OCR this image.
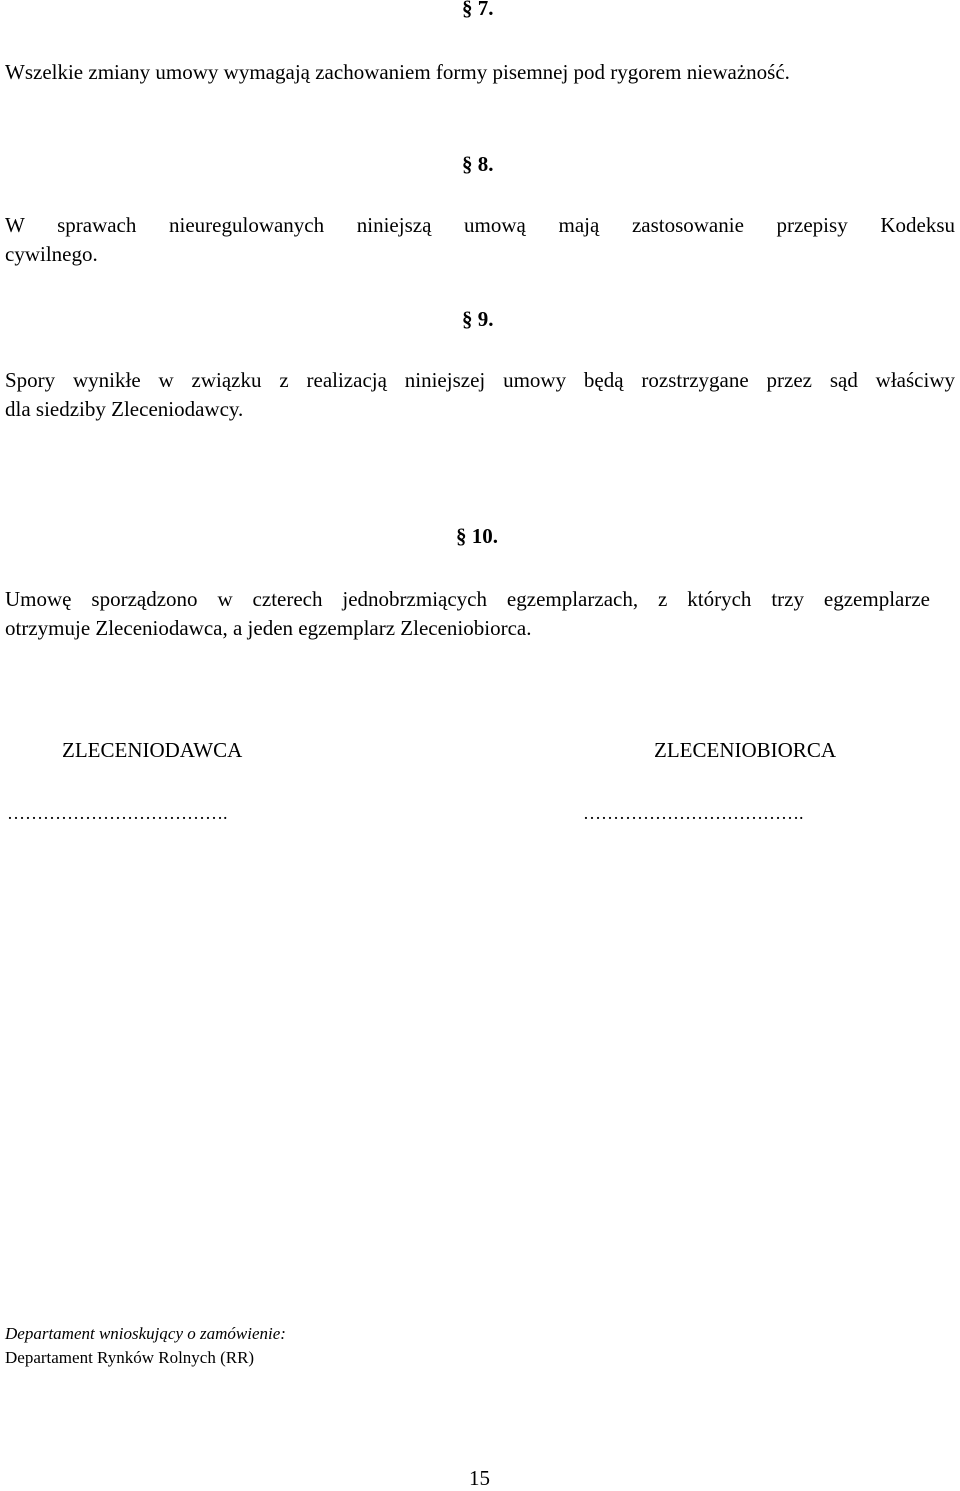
§ 7.
Wszelkie zmiany umowy wymagają zachowaniem formy pisemnej pod rygorem nieważność.
§ 8.
W sprawach nieuregulowanych niniejszą umową mają zastosowanie przepisy Kodeksu
cywilnego.
§ 9.
Spory wynikłe w związku z realizacją niniejszej umowy będą rozstrzygane przez sąd właściwy
dla siedziby Zleceniodawcy.
§ 10.
Umowę sporządzono w czterech jednobrzmiących egzemplarzach, z których trzy egzemplarze
otrzymuje Zleceniodawca, a jeden egzemplarz Zleceniobiorca.
ZLECENIODAWCA
……………………………….
ZLECENIOBIORCA
……………………………….
Departament wnioskujący o zamówienie:
Departament Rynków Rolnych (RR)
15
